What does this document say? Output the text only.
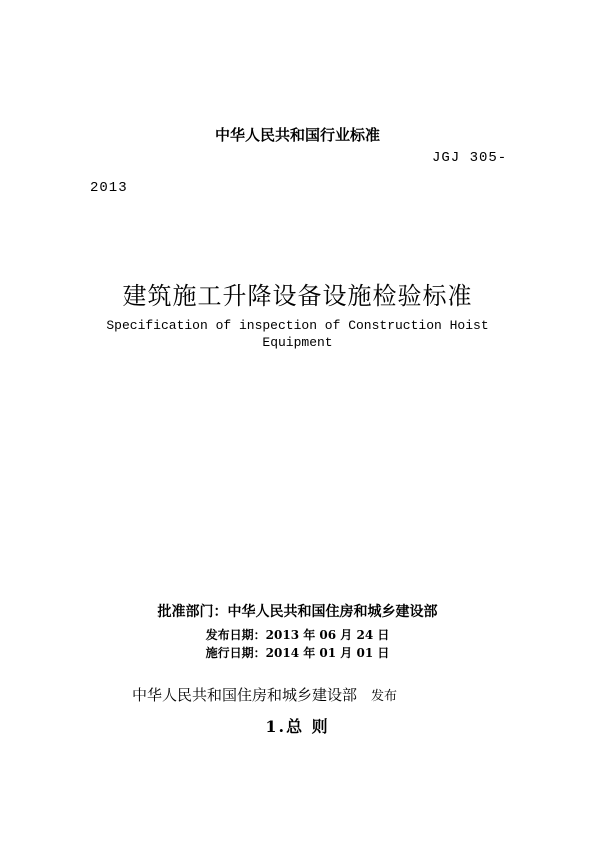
中华人民共和国行业标准
JGJ 305-
2013
建筑施工升降设备设施检验标准
Specification of inspection of Construction Hoist
Equipment
批准部门：中华人民共和国住房和城乡建设部
发布日期：2013 年 06 月 24 日
施行日期：2014 年 01 月 01 日
中华人民共和国住房和城乡建设部 发布
1.总 则
